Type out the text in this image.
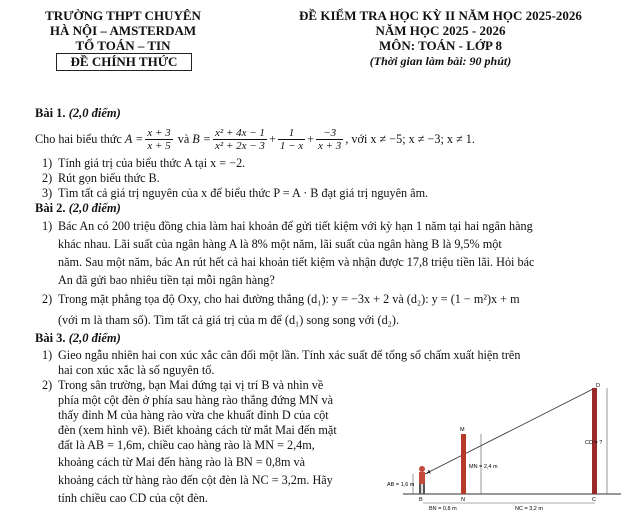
TRƯỜNG THPT CHUYÊN
HÀ NỘI – AMSTERDAM
TỔ TOÁN – TIN
ĐỀ CHÍNH THỨC
ĐỀ KIỂM TRA HỌC KỲ II NĂM HỌC 2025-2026
NĂM HỌC 2025 - 2026
MÔN: TOÁN - LỚP 8
(Thời gian làm bài: 90 phút)
Bài 1. (2,0 điểm)
Cho hai biểu thức
$A = \frac{x + 3}{x + 5}$
và
$B = \frac{\text{x² + 4x − 1}}{\text{x² + 2x − 3}} + \frac{1}{1 - x} + \frac{-3}{x + 3}$ , với x ≠ −5; x ≠ −3; x ≠ 1.
1) Tính giá trị của biểu thức A tại x = −2.
2) Rút gọn biểu thức B.
3) Tìm tất cả giá trị nguyên của x để biểu thức P = A · B đạt giá trị nguyên âm.
Bài 2. (2,0 điểm)
1) Bác An có 200 triệu đồng chia làm hai khoản để gửi tiết kiệm với kỳ hạn 1 năm tại hai ngân hàng
khác nhau. Lãi suất của ngân hàng A là 8% một năm, lãi suất của ngân hàng B là 9,5% một
năm. Sau một năm, bác An rút hết cả hai khoản tiết kiệm và nhận được 17,8 triệu tiền lãi. Hỏi bác
An đã gửi bao nhiêu tiền tại mỗi ngân hàng?
2) Trong mặt phẳng tọa độ Oxy, cho hai đường thẳng (d₁): y = −3x + 2 và (d₂): y = (1 − m²)x + m
(với m là tham số). Tìm tất cả giá trị của m để (d₁) song song với (d₂).
Bài 3. (2,0 điểm)
1) Gieo ngẫu nhiên hai con xúc xắc cân đối một lần. Tính xác suất để tổng số chấm xuất hiện trên
hai con xúc xắc là số nguyên tố.
2) Trong sân trường, bạn Mai đứng tại vị trí B và nhìn về
phía một cột đèn ở phía sau hàng rào thẳng đứng MN và
thấy đỉnh M của hàng rào vừa che khuất đỉnh D của cột
đèn (xem hình vẽ). Biết khoảng cách từ mắt Mai đến mặt
đất là AB = 1,6m, chiều cao hàng rào là MN = 2,4m,
khoảng cách từ Mai đến hàng rào là BN = 0,8m và
khoảng cách từ hàng rào đến cột đèn là NC = 3,2m. Hãy
tính chiều cao CD của cột đèn.
D
M
A
B	N	C
AB = 1,6 m
MN = 2,4 m
CD = ?
BN = 0,8 m	NC = 3,2 m
